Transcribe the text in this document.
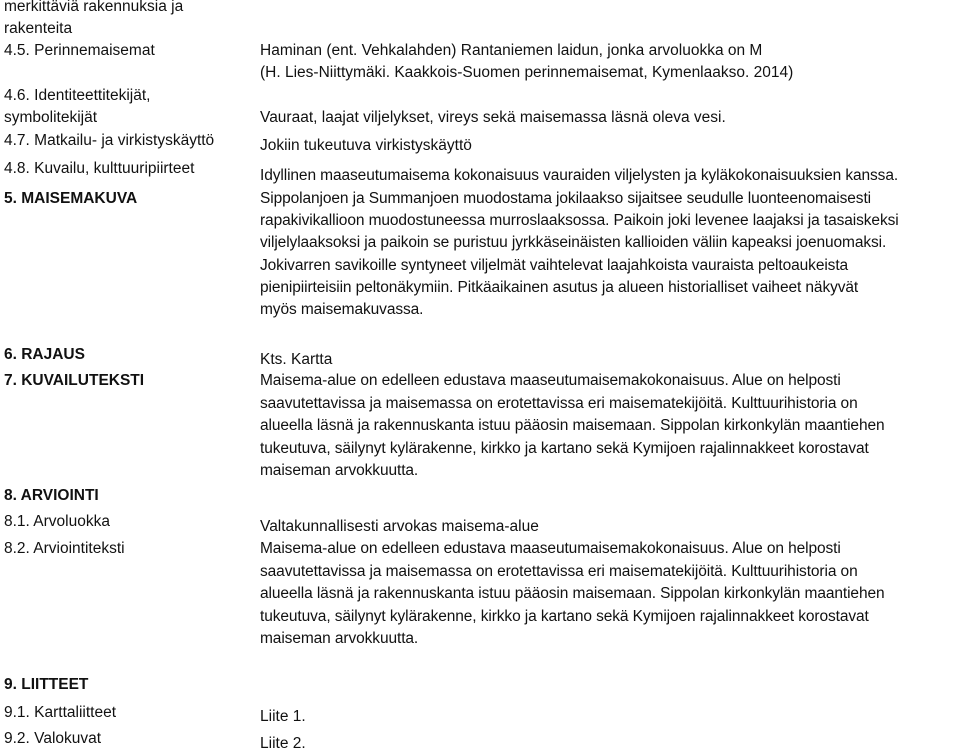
merkittäviä rakennuksia ja
rakenteita
4.5. Perinnemaisemat
4.6. Identiteettitekijät,
symbolitekijät
4.7. Matkailu- ja virkistyskäyttö
4.8. Kuvailu, kulttuuripiirteet
5. MAISEMAKUVA
6. RAJAUS
7. KUVAILUTEKSTI
8. ARVIOINTI
8.1. Arvoluokka
8.2. Arviointiteksti
9. LIITTEET
9.1. Karttaliitteet
9.2. Valokuvat
Haminan (ent. Vehkalahden) Rantaniemen laidun, jonka arvoluokka on M
(H. Lies-Niittymäki. Kaakkois-Suomen perinnemaisemat, Kymenlaakso. 2014)
Vauraat, laajat viljelykset, vireys sekä maisemassa läsnä oleva vesi.
Jokiin tukeutuva virkistyskäyttö
Idyllinen maaseutumaisema kokonaisuus vauraiden viljelysten ja kyläkokonaisuuksien kanssa.
Sippolanjoen ja Summanjoen muodostama jokilaakso sijaitsee seudulle luonteenomaisesti
rapakivikallioon muodostuneessa murroslaaksossa. Paikoin joki levenee laajaksi ja tasaiskeksi
viljelylaaksoksi ja paikoin se puristuu jyrkkäseinäisten kallioiden väliin kapeaksi joenuomaksi.
Jokivarren savikoille syntyneet viljelmät vaihtelevat laajahkoista vauraista peltoaukeista
pienipiirteisiin peltonäkymiin. Pitkäaikainen asutus ja alueen historialliset vaiheet näkyvät
myös maisemakuvassa.
Kts. Kartta
Maisema-alue on edelleen edustava maaseutumaisemakokonaisuus. Alue on helposti
saavutettavissa ja maisemassa on erotettavissa eri maisematekijöitä. Kulttuurihistoria on
alueella läsnä ja rakennuskanta istuu pääosin maisemaan. Sippolan kirkonkylän maantiehen
tukeutuva, säilynyt kylärakenne, kirkko ja kartano sekä Kymijoen rajalinnakkeet korostavat
maiseman arvokkuutta.
Valtakunnallisesti arvokas maisema-alue
Maisema-alue on edelleen edustava maaseutumaisemakokonaisuus. Alue on helposti
saavutettavissa ja maisemassa on erotettavissa eri maisematekijöitä. Kulttuurihistoria on
alueella läsnä ja rakennuskanta istuu pääosin maisemaan. Sippolan kirkonkylän maantiehen
tukeutuva, säilynyt kylärakenne, kirkko ja kartano sekä Kymijoen rajalinnakkeet korostavat
maiseman arvokkuutta.
Liite 1.
Liite 2.
